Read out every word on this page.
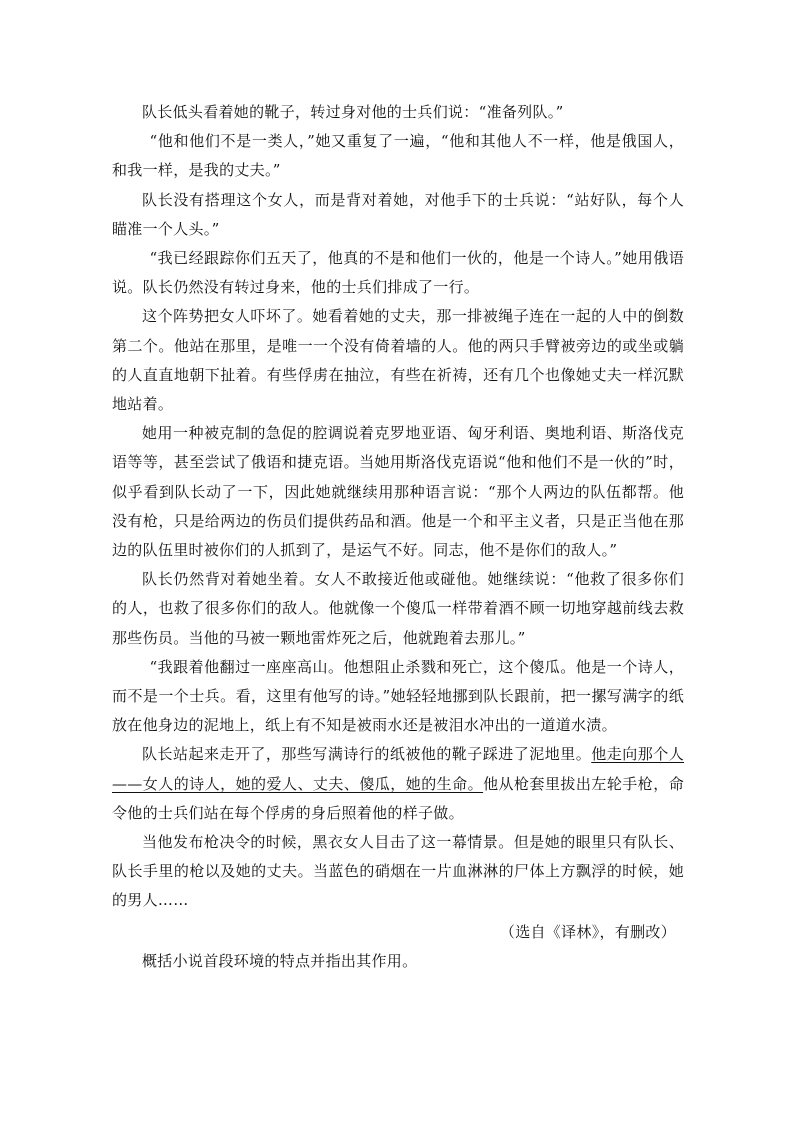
队长低头看着她的靴子，转过身对他的士兵们说：“准备列队。”

“他和他们不是一类人，”她又重复了一遍，“他和其他人不一样，他是俄国人，和我一样，是我的丈夫。”

队长没有搭理这个女人，而是背对着她，对他手下的士兵说：“站好队，每个人瞄准一个人头。”

“我已经跟踪你们五天了，他真的不是和他们一伙的，他是一个诗人。”她用俄语说。队长仍然没有转过身来，他的士兵们排成了一行。

这个阵势把女人吓坏了。她看着她的丈夫，那一排被绳子连在一起的人中的倒数第二个。他站在那里，是唯一一个没有倚着墙的人。他的两只手臂被旁边的或坐或躺的人直直地朝下扯着。有些俘虏在抽泣，有些在祈祷，还有几个也像她丈夫一样沉默地站着。

她用一种被克制的急促的腔调说着克罗地亚语、匈牙利语、奥地利语、斯洛伐克语等等，甚至尝试了俄语和捷克语。当她用斯洛伐克语说“他和他们不是一伙的”时，似乎看到队长动了一下，因此她就继续用那种语言说：“那个人两边的队伍都帮。他没有枪，只是给两边的伤员们提供药品和酒。他是一个和平主义者，只是正当他在那边的队伍里时被你们的人抓到了，是运气不好。同志，他不是你们的敌人。”

队长仍然背对着她坐着。女人不敢接近他或碰他。她继续说：“他救了很多你们的人，也救了很多你们的敌人。他就像一个傻瓜一样带着酒不顾一切地穿越前线去救那些伤员。当他的马被一颗地雷炸死之后，他就跑着去那儿。”

“我跟着他翻过一座座高山。他想阻止杀戮和死亡，这个傻瓜。他是一个诗人，而不是一个士兵。看，这里有他写的诗。”她轻轻地挪到队长跟前，把一摞写满字的纸放在他身边的泥地上，纸上有不知是被雨水还是被泪水冲出的一道道水渍。

队长站起来走开了，那些写满诗行的纸被他的靴子踩进了泥地里。他走向那个人——女人的诗人，她的爱人、丈夫、傻瓜，她的生命。他从枪套里拔出左轮手枪，命令他的士兵们站在每个俘虏的身后照着他的样子做。

当他发布枪决令的时候，黑衣女人目击了这一幕情景。但是她的眼里只有队长、队长手里的枪以及她的丈夫。当蓝色的硝烟在一片血淋淋的尸体上方飘浮的时候，她的男人……

（选自《译林》，有删改）

概括小说首段环境的特点并指出其作用。
